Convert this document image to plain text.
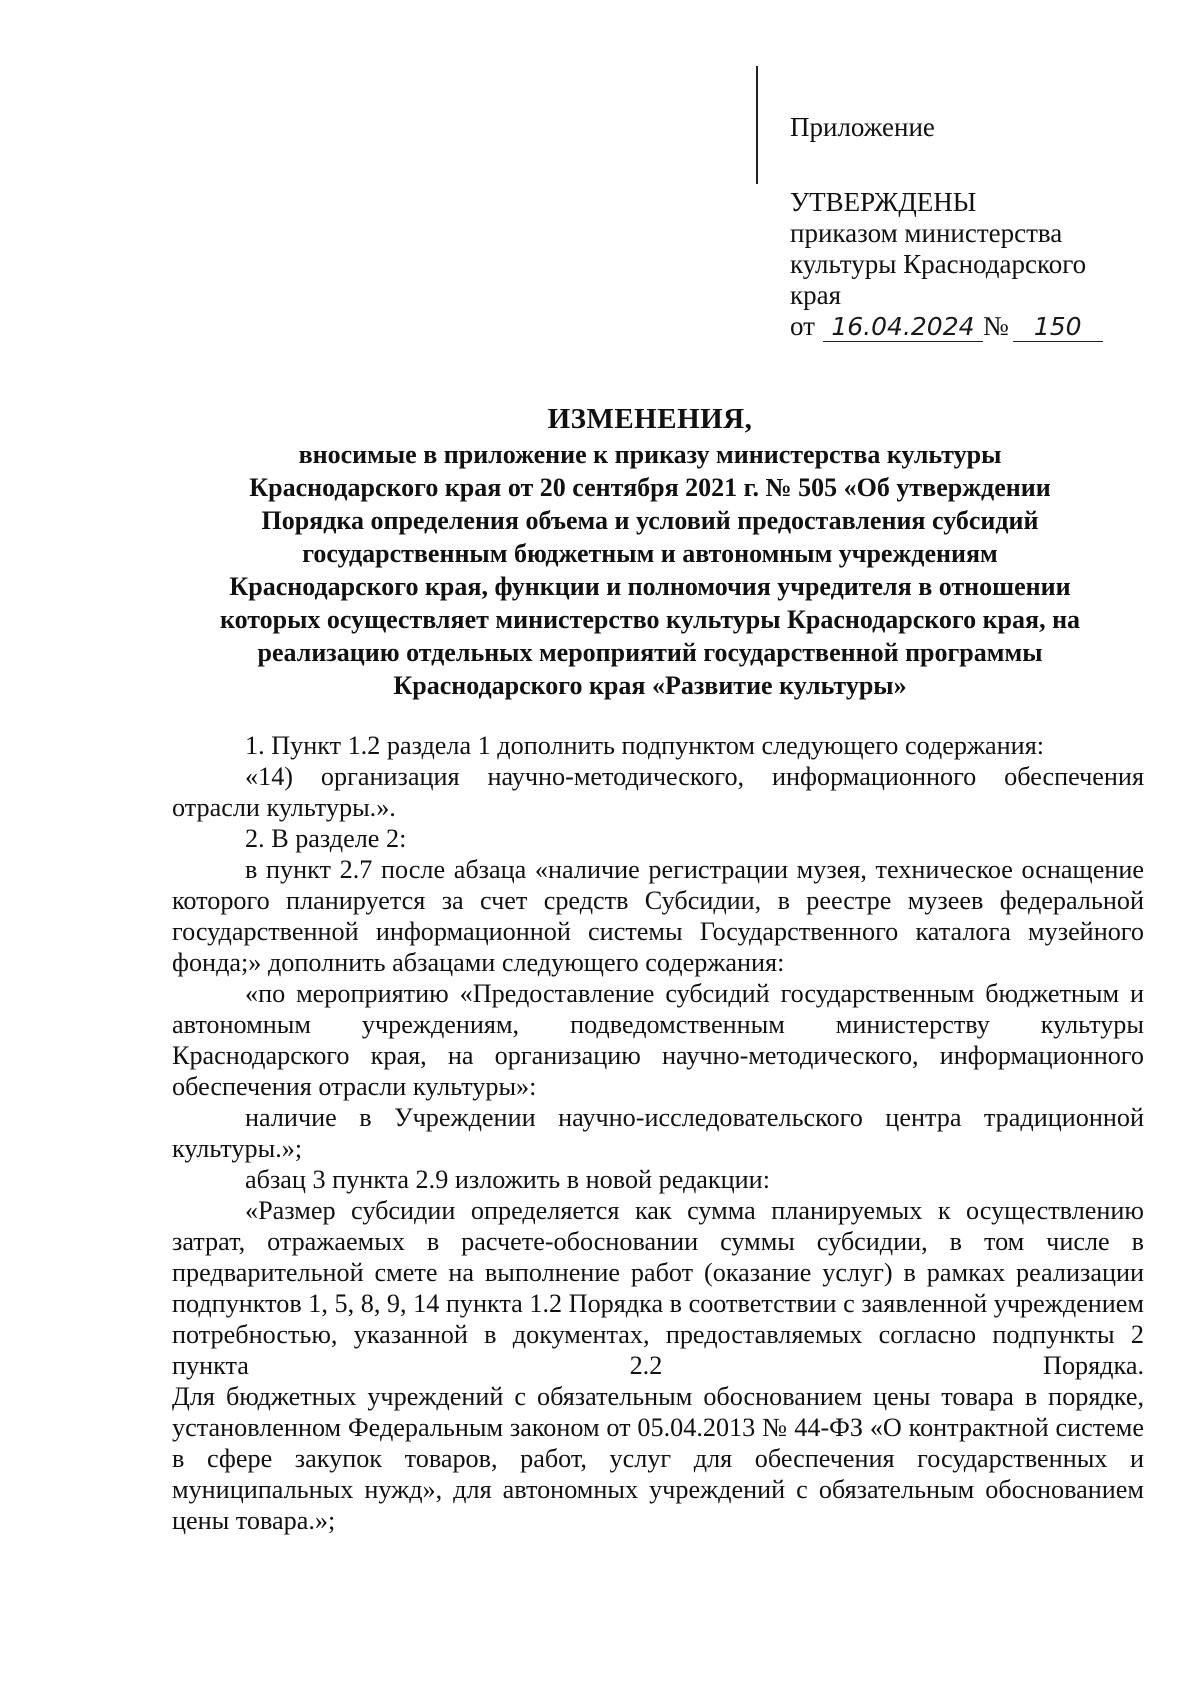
Приложение
УТВЕРЖДЕНЫ
приказом министерства
культуры Краснодарского
края
от 16.04.2024 №	150
ИЗМЕНЕНИЯ,
вносимые в приложение к приказу министерства культуры
Краснодарского края от 20 сентября 2021 г. № 505 «Об утверждении
Порядка определения объема и условий предоставления субсидий
государственным бюджетным и автономным учреждениям
Краснодарского края, функции и полномочия учредителя в отношении
которых осуществляет министерство культуры Краснодарского края, на
реализацию отдельных мероприятий государственной программы
Краснодарского края «Развитие культуры»

1. Пункт 1.2 раздела 1 дополнить подпунктом следующего содержания:

«14) организация научно-методического, информационного обеспечения отрасли культуры.».

2. В разделе 2:

в пункт 2.7 после абзаца «наличие регистрации музея, техническое оснащение которого планируется за счет средств Субсидии, в реестре музеев федеральной государственной информационной системы Государственного каталога музейного фонда;» дополнить абзацами следующего содержания:

«по мероприятию «Предоставление субсидий государственным бюджетным и автономным учреждениям, подведомственным министерству культуры Краснодарского края, на организацию научно-методического, информационного обеспечения отрасли культуры»:

наличие в Учреждении научно-исследовательского центра традиционной культуры.»;

абзац 3 пункта 2.9 изложить в новой редакции:

«Размер субсидии определяется как сумма планируемых к осуществлению затрат, отражаемых в расчете-обосновании суммы субсидии, в том числе в предварительной смете на выполнение работ (оказание услуг) в рамках реализации подпунктов 1, 5, 8, 9, 14 пункта 1.2 Порядка в соответствии с заявленной учреждением потребностью, указанной в документах, предоставляемых согласно подпункты 2 пункта 2.2 Порядка.

Для бюджетных учреждений с обязательным обоснованием цены товара в порядке, установленном Федеральным законом от 05.04.2013 № 44-ФЗ «О контрактной системе в сфере закупок товаров, работ, услуг для обеспечения государственных и муниципальных нужд», для автономных учреждений с обязательным обоснованием цены товара.»;
